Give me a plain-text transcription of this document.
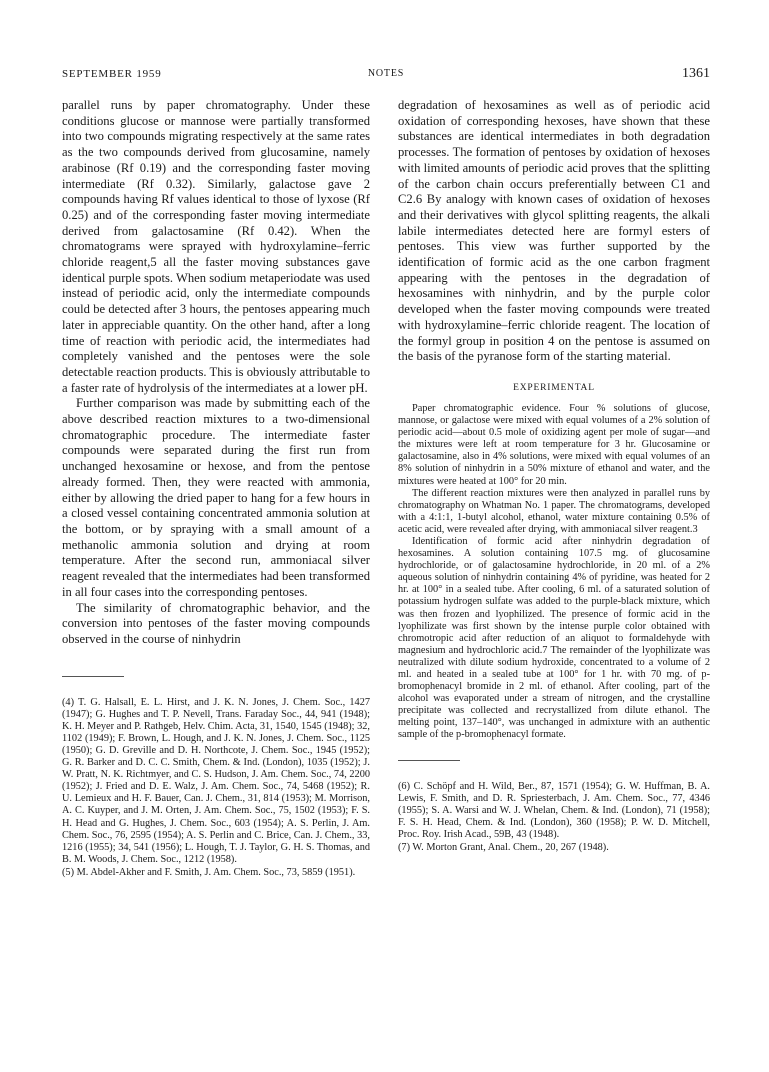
SEPTEMBER 1959	NOTES	1361

parallel runs by paper chromatography. Under these conditions glucose or mannose were partially transformed into two compounds migrating respectively at the same rates as the two compounds derived from glucosamine, namely arabinose (Rf 0.19) and the corresponding faster moving intermediate (Rf 0.32). Similarly, galactose gave 2 compounds having Rf values identical to those of lyxose (Rf 0.25) and of the corresponding faster moving intermediate derived from galactosamine (Rf 0.42). When the chromatograms were sprayed with hydroxylamine–ferric chloride reagent,5 all the faster moving substances gave identical purple spots. When sodium metaperiodate was used instead of periodic acid, only the intermediate compounds could be detected after 3 hours, the pentoses appearing much later in appreciable quantity. On the other hand, after a long time of reaction with periodic acid, the intermediates had completely vanished and the pentoses were the sole detectable reaction products. This is obviously attributable to a faster rate of hydrolysis of the intermediates at a lower pH.

Further comparison was made by submitting each of the above described reaction mixtures to a two-dimensional chromatographic procedure. The intermediate faster compounds were separated during the first run from unchanged hexosamine or hexose, and from the pentose already formed. Then, they were reacted with ammonia, either by allowing the dried paper to hang for a few hours in a closed vessel containing concentrated ammonia solution at the bottom, or by spraying with a small amount of a methanolic ammonia solution and drying at room temperature. After the second run, ammoniacal silver reagent revealed that the intermediates had been transformed in all four cases into the corresponding pentoses.

The similarity of chromatographic behavior, and the conversion into pentoses of the faster moving compounds observed in the course of ninhydrin

(4) T. G. Halsall, E. L. Hirst, and J. K. N. Jones, J. Chem. Soc., 1427 (1947); G. Hughes and T. P. Nevell, Trans. Faraday Soc., 44, 941 (1948); K. H. Meyer and P. Rathgeb, Helv. Chim. Acta, 31, 1540, 1545 (1948); 32, 1102 (1949); F. Brown, L. Hough, and J. K. N. Jones, J. Chem. Soc., 1125 (1950); G. D. Greville and D. H. Northcote, J. Chem. Soc., 1945 (1952); G. R. Barker and D. C. C. Smith, Chem. & Ind. (London), 1035 (1952); J. W. Pratt, N. K. Richtmyer, and C. S. Hudson, J. Am. Chem. Soc., 74, 2200 (1952); J. Fried and D. E. Walz, J. Am. Chem. Soc., 74, 5468 (1952); R. U. Lemieux and H. F. Bauer, Can. J. Chem., 31, 814 (1953); M. Morrison, A. C. Kuyper, and J. M. Orten, J. Am. Chem. Soc., 75, 1502 (1953); F. S. H. Head and G. Hughes, J. Chem. Soc., 603 (1954); A. S. Perlin, J. Am. Chem. Soc., 76, 2595 (1954); A. S. Perlin and C. Brice, Can. J. Chem., 33, 1216 (1955); 34, 541 (1956); L. Hough, T. J. Taylor, G. H. S. Thomas, and B. M. Woods, J. Chem. Soc., 1212 (1958).

(5) M. Abdel-Akher and F. Smith, J. Am. Chem. Soc., 73, 5859 (1951).

degradation of hexosamines as well as of periodic acid oxidation of corresponding hexoses, have shown that these substances are identical intermediates in both degradation processes. The formation of pentoses by oxidation of hexoses with limited amounts of periodic acid proves that the splitting of the carbon chain occurs preferentially between C1 and C2.6 By analogy with known cases of oxidation of hexoses and their derivatives with glycol splitting reagents, the alkali labile intermediates detected here are formyl esters of pentoses. This view was further supported by the identification of formic acid as the one carbon fragment appearing with the pentoses in the degradation of hexosamines with ninhydrin, and by the purple color developed when the faster moving compounds were treated with hydroxylamine–ferric chloride reagent. The location of the formyl group in position 4 on the pentose is assumed on the basis of the pyranose form of the starting material.

EXPERIMENTAL

Paper chromatographic evidence. Four % solutions of glucose, mannose, or galactose were mixed with equal volumes of a 2% solution of periodic acid—about 0.5 mole of oxidizing agent per mole of sugar—and the mixtures were left at room temperature for 3 hr. Glucosamine or galactosamine, also in 4% solutions, were mixed with equal volumes of an 8% solution of ninhydrin in a 50% mixture of ethanol and water, and the mixtures were heated at 100° for 20 min.

The different reaction mixtures were then analyzed in parallel runs by chromatography on Whatman No. 1 paper. The chromatograms, developed with a 4:1:1, 1-butyl alcohol, ethanol, water mixture containing 0.5% of acetic acid, were revealed after drying, with ammoniacal silver reagent.3

Identification of formic acid after ninhydrin degradation of hexosamines. A solution containing 107.5 mg. of glucosamine hydrochloride, or of galactosamine hydrochloride, in 20 ml. of a 2% aqueous solution of ninhydrin containing 4% of pyridine, was heated for 2 hr. at 100° in a sealed tube. After cooling, 6 ml. of a saturated solution of potassium hydrogen sulfate was added to the purple-black mixture, which was then frozen and lyophilized. The presence of formic acid in the lyophilizate was first shown by the intense purple color obtained with chromotropic acid after reduction of an aliquot to formaldehyde with magnesium and hydrochloric acid.7 The remainder of the lyophilizate was neutralized with dilute sodium hydroxide, concentrated to a volume of 2 ml. and heated in a sealed tube at 100° for 1 hr. with 70 mg. of p-bromophenacyl bromide in 2 ml. of ethanol. After cooling, part of the alcohol was evaporated under a stream of nitrogen, and the crystalline precipitate was collected and recrystallized from dilute ethanol. The melting point, 137–140°, was unchanged in admixture with an authentic sample of the p-bromophenacyl formate.

(6) C. Schöpf and H. Wild, Ber., 87, 1571 (1954); G. W. Huffman, B. A. Lewis, F. Smith, and D. R. Spriesterbach, J. Am. Chem. Soc., 77, 4346 (1955); S. A. Warsi and W. J. Whelan, Chem. & Ind. (London), 71 (1958); F. S. H. Head, Chem. & Ind. (London), 360 (1958); P. W. D. Mitchell, Proc. Roy. Irish Acad., 59B, 43 (1948).

(7) W. Morton Grant, Anal. Chem., 20, 267 (1948).
